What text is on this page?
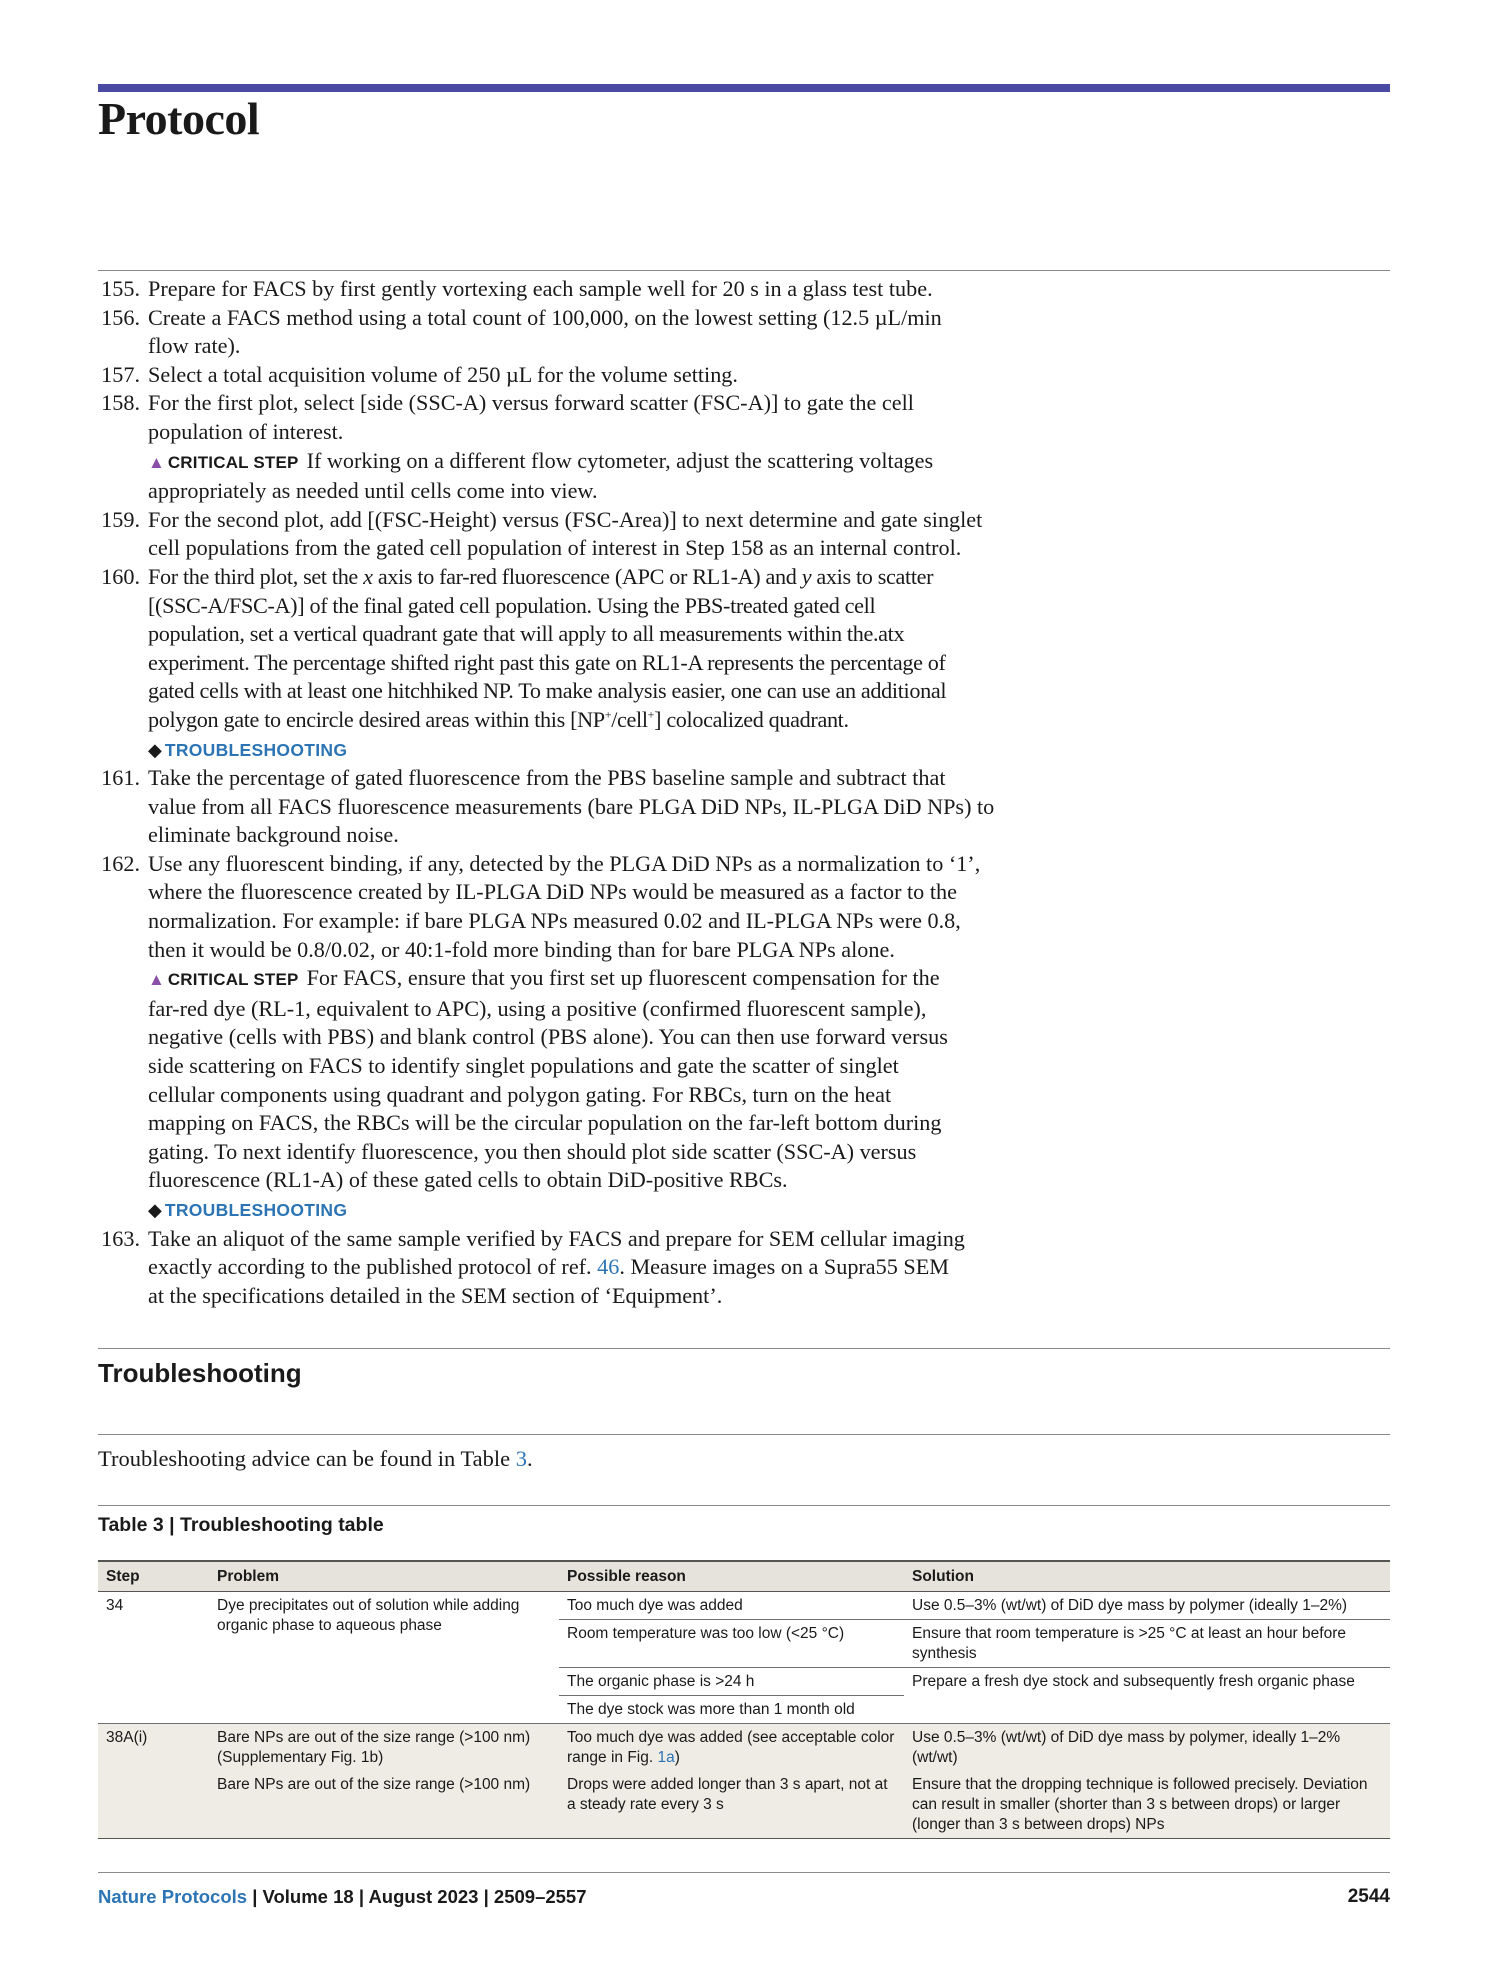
Protocol
155. Prepare for FACS by first gently vortexing each sample well for 20 s in a glass test tube.
156. Create a FACS method using a total count of 100,000, on the lowest setting (12.5 µL/min
flow rate).
157. Select a total acquisition volume of 250 µL for the volume setting.
158. For the first plot, select [side (SSC-A) versus forward scatter (FSC-A)] to gate the cell
population of interest.
▲ CRITICAL STEP If working on a different flow cytometer, adjust the scattering voltages
appropriately as needed until cells come into view.
159. For the second plot, add [(FSC-Height) versus (FSC-Area)] to next determine and gate singlet
cell populations from the gated cell population of interest in Step 158 as an internal control.
160. For the third plot, set the x axis to far-red fluorescence (APC or RL1-A) and y axis to scatter
[(SSC-A/FSC-A)] of the final gated cell population. Using the PBS-treated gated cell
population, set a vertical quadrant gate that will apply to all measurements within the.atx
experiment. The percentage shifted right past this gate on RL1-A represents the percentage of
gated cells with at least one hitchhiked NP. To make analysis easier, one can use an additional
polygon gate to encircle desired areas within this [NP+/cell+] colocalized quadrant.
◆ TROUBLESHOOTING
161. Take the percentage of gated fluorescence from the PBS baseline sample and subtract that
value from all FACS fluorescence measurements (bare PLGA DiD NPs, IL-PLGA DiD NPs) to
eliminate background noise.
162. Use any fluorescent binding, if any, detected by the PLGA DiD NPs as a normalization to ‘1’,
where the fluorescence created by IL-PLGA DiD NPs would be measured as a factor to the
normalization. For example: if bare PLGA NPs measured 0.02 and IL-PLGA NPs were 0.8,
then it would be 0.8/0.02, or 40:1-fold more binding than for bare PLGA NPs alone.
▲ CRITICAL STEP For FACS, ensure that you first set up fluorescent compensation for the
far-red dye (RL-1, equivalent to APC), using a positive (confirmed fluorescent sample),
negative (cells with PBS) and blank control (PBS alone). You can then use forward versus
side scattering on FACS to identify singlet populations and gate the scatter of singlet
cellular components using quadrant and polygon gating. For RBCs, turn on the heat
mapping on FACS, the RBCs will be the circular population on the far-left bottom during
gating. To next identify fluorescence, you then should plot side scatter (SSC-A) versus
fluorescence (RL1-A) of these gated cells to obtain DiD-positive RBCs.
◆ TROUBLESHOOTING
163. Take an aliquot of the same sample verified by FACS and prepare for SEM cellular imaging
exactly according to the published protocol of ref. 46. Measure images on a Supra55 SEM
at the specifications detailed in the SEM section of ‘Equipment’.
Troubleshooting
Troubleshooting advice can be found in Table 3.
Table 3 | Troubleshooting table
Step	Problem	Possible reason	Solution
34	Dye precipitates out of solution while adding organic phase to aqueous phase	Too much dye was added	Use 0.5–3% (wt/wt) of DiD dye mass by polymer (ideally 1–2%)
		Room temperature was too low (<25 °C)	Ensure that room temperature is >25 °C at least an hour before synthesis
		The organic phase is >24 h	Prepare a fresh dye stock and subsequently fresh organic phase
		The dye stock was more than 1 month old	
38A(i)	Bare NPs are out of the size range (>100 nm) (Supplementary Fig. 1b)	Too much dye was added (see acceptable color range in Fig. 1a)	Use 0.5–3% (wt/wt) of DiD dye mass by polymer, ideally 1–2% (wt/wt)
	Bare NPs are out of the size range (>100 nm)	Drops were added longer than 3 s apart, not at a steady rate every 3 s	Ensure that the dropping technique is followed precisely. Deviation can result in smaller (shorter than 3 s between drops) or larger (longer than 3 s between drops) NPs
Nature Protocols | Volume 18 | August 2023 | 2509–2557	2544
